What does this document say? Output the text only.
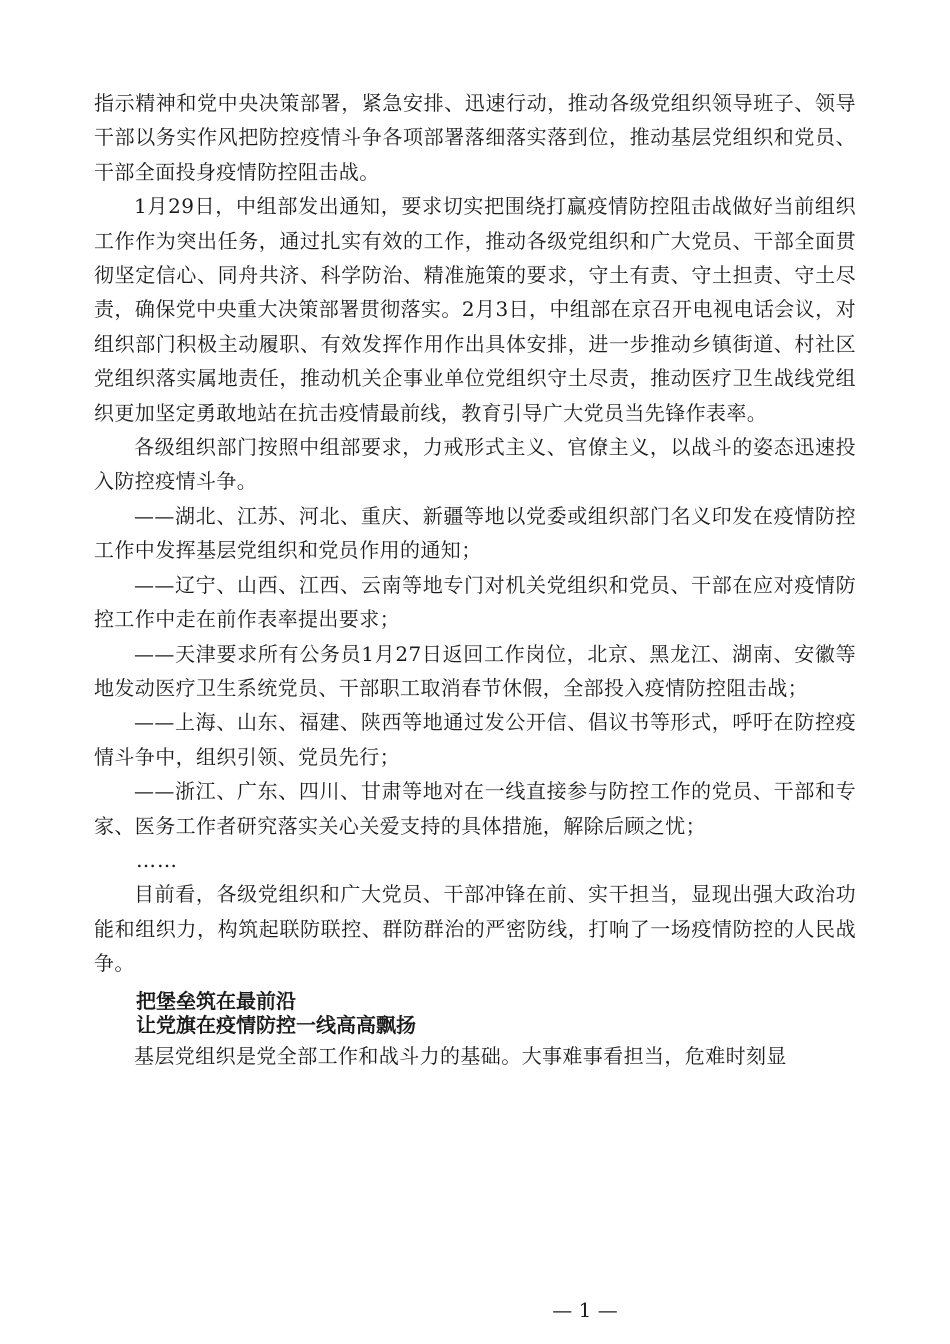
指示精神和党中央决策部署，紧急安排、迅速行动，推动各级党组织领导班子、领导干部以务实作风把防控疫情斗争各项部署落细落实落到位，推动基层党组织和党员、干部全面投身疫情防控阻击战。

1月29日，中组部发出通知，要求切实把围绕打赢疫情防控阻击战做好当前组织工作作为突出任务，通过扎实有效的工作，推动各级党组织和广大党员、干部全面贯彻坚定信心、同舟共济、科学防治、精准施策的要求，守土有责、守土担责、守土尽责，确保党中央重大决策部署贯彻落实。2月3日，中组部在京召开电视电话会议，对组织部门积极主动履职、有效发挥作用作出具体安排，进一步推动乡镇街道、村社区党组织落实属地责任，推动机关企事业单位党组织守土尽责，推动医疗卫生战线党组织更加坚定勇敢地站在抗击疫情最前线，教育引导广大党员当先锋作表率。

各级组织部门按照中组部要求，力戒形式主义、官僚主义，以战斗的姿态迅速投入防控疫情斗争。

——湖北、江苏、河北、重庆、新疆等地以党委或组织部门名义印发在疫情防控工作中发挥基层党组织和党员作用的通知；

——辽宁、山西、江西、云南等地专门对机关党组织和党员、干部在应对疫情防控工作中走在前作表率提出要求；

——天津要求所有公务员1月27日返回工作岗位，北京、黑龙江、湖南、安徽等地发动医疗卫生系统党员、干部职工取消春节休假，全部投入疫情防控阻击战；

——上海、山东、福建、陕西等地通过发公开信、倡议书等形式，呼吁在防控疫情斗争中，组织引领、党员先行；

——浙江、广东、四川、甘肃等地对在一线直接参与防控工作的党员、干部和专家、医务工作者研究落实关心关爱支持的具体措施，解除后顾之忧；

……

目前看，各级党组织和广大党员、干部冲锋在前、实干担当，显现出强大政治功能和组织力，构筑起联防联控、群防群治的严密防线，打响了一场疫情防控的人民战争。

把堡垒筑在最前沿

让党旗在疫情防控一线高高飘扬

基层党组织是党全部工作和战斗力的基础。大事难事看担当，危难时刻显

— 1 —
